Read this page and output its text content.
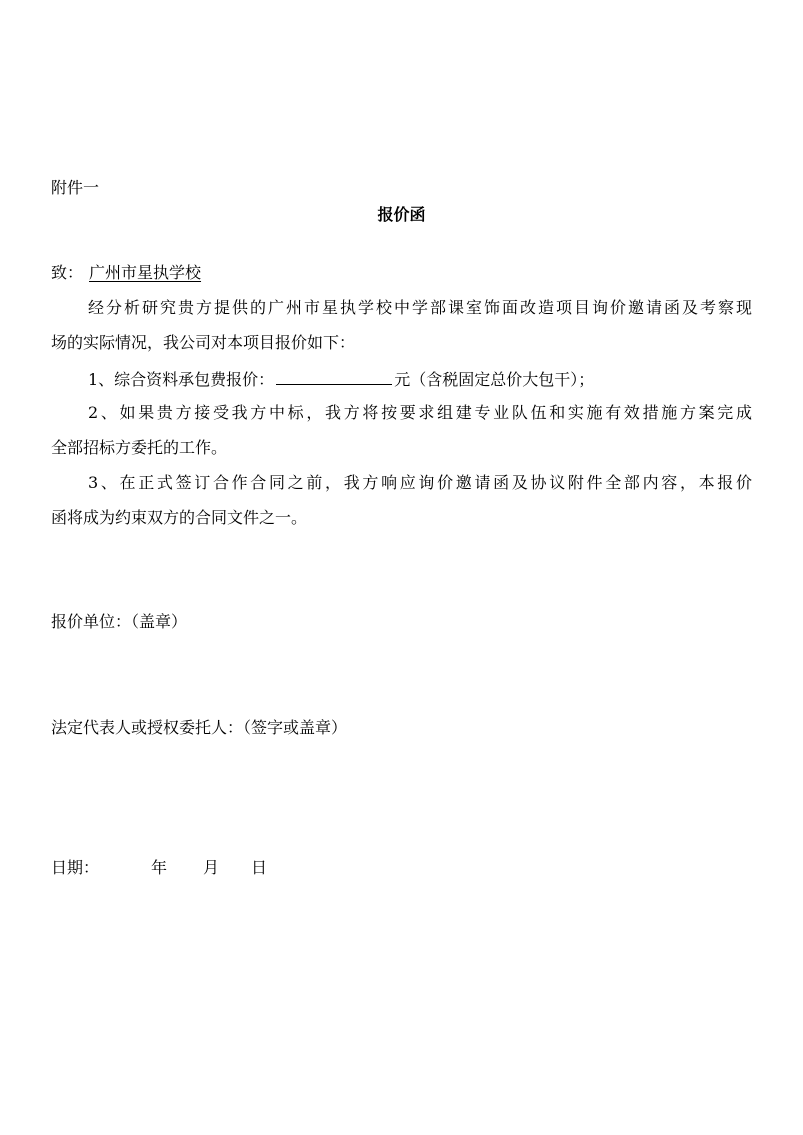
附件一
报价函
致： 广州市星执学校
经分析研究贵方提供的广州市星执学校中学部课室饰面改造项目询价邀请函及考察现
场的实际情况，我公司对本项目报价如下：
1、综合资料承包费报价：	元（含税固定总价大包干）；
2、如果贵方接受我方中标，我方将按要求组建专业队伍和实施有效措施方案完成
全部招标方委托的工作。
3、在正式签订合作合同之前，我方响应询价邀请函及协议附件全部内容，本报价
函将成为约束双方的合同文件之一。
报价单位：（盖章）
法定代表人或授权委托人：（签字或盖章）
日期：	年 月 日
